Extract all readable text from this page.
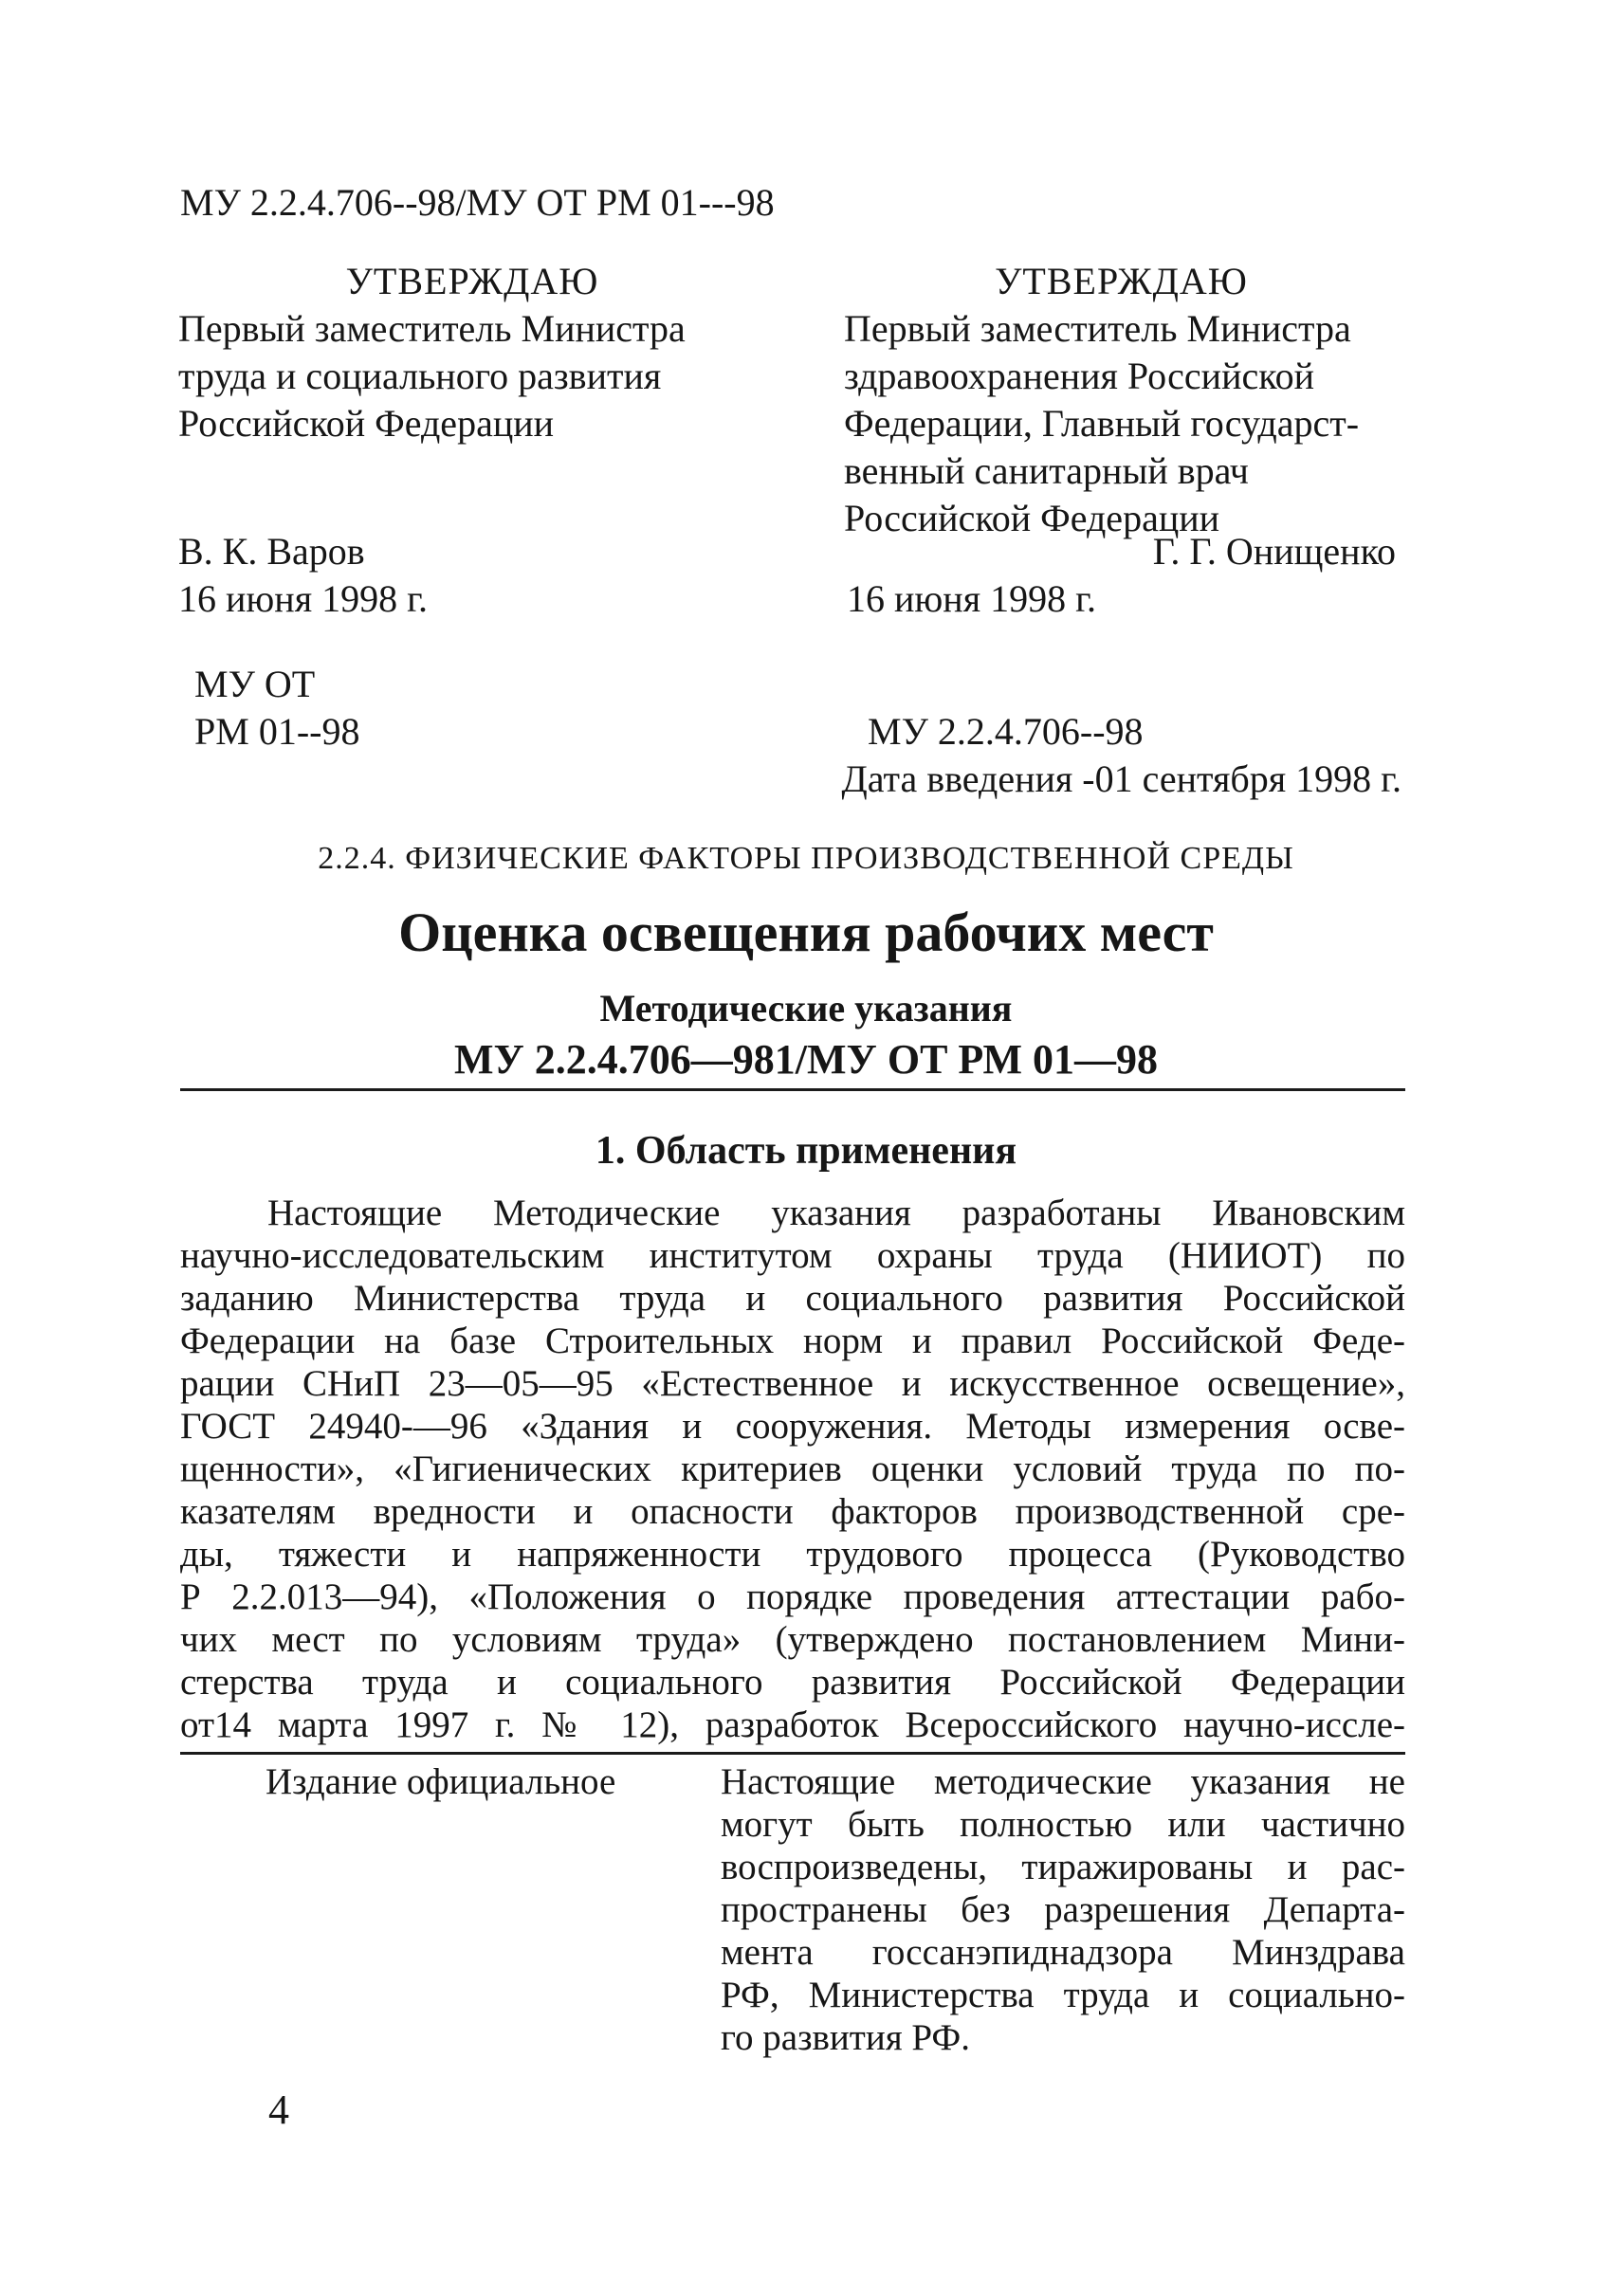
МУ 2.2.4.706--98/МУ ОТ РМ 01---98
УТВЕРЖДАЮ
Первый заместитель Министра
труда и социального развития
Российской Федерации
УТВЕРЖДАЮ
Первый заместитель Министра
здравоохранения Российской
Федерации, Главный государст-
венный санитарный врач
Российской Федерации
В. К. Варов
16 июня 1998 г.
Г. Г. Онищенко
16 июня 1998 г.
МУ ОТ
РМ 01--98	МУ 2.2.4.706--98
Дата введения -01 сентября 1998 г.
2.2.4. ФИЗИЧЕСКИЕ ФАКТОРЫ ПРОИЗВОДСТВЕННОЙ СРЕДЫ
Оценка освещения рабочих мест
Методические указания
МУ 2.2.4.706—981/МУ ОТ РМ 01—98
1. Область применения
Настоящие Методические указания разработаны Ивановским
научно-исследовательским институтом охраны труда (НИИОТ) по
заданию Министерства труда и социального развития Российской
Федерации на базе Строительных норм и правил Российской Феде-
рации СНиП 23—05—95 «Естественное и искусственное освещение»,
ГОСТ 24940-—96 «Здания и сооружения. Методы измерения осве-
щенности», «Гигиенических критериев оценки условий труда по по-
казателям вредности и опасности факторов производственной сре-
ды, тяжести и напряженности трудового процесса (Руководство
Р 2.2.013—94), «Положения о порядке проведения аттестации рабо-
чих мест по условиям труда» (утверждено постановлением Мини-
стерства труда и социального развития Российской Федерации
от14 марта 1997 г. № 12), разработок Всероссийского научно-иссле-
Издание официальное	Настоящие методические указания не
могут быть полностью или частично
воспроизведены, тиражированы и рас-
пространены без разрешения Департа-
мента госсанэпиднадзора Минздрава
РФ, Министерства труда и социально-
го развития РФ.
4
